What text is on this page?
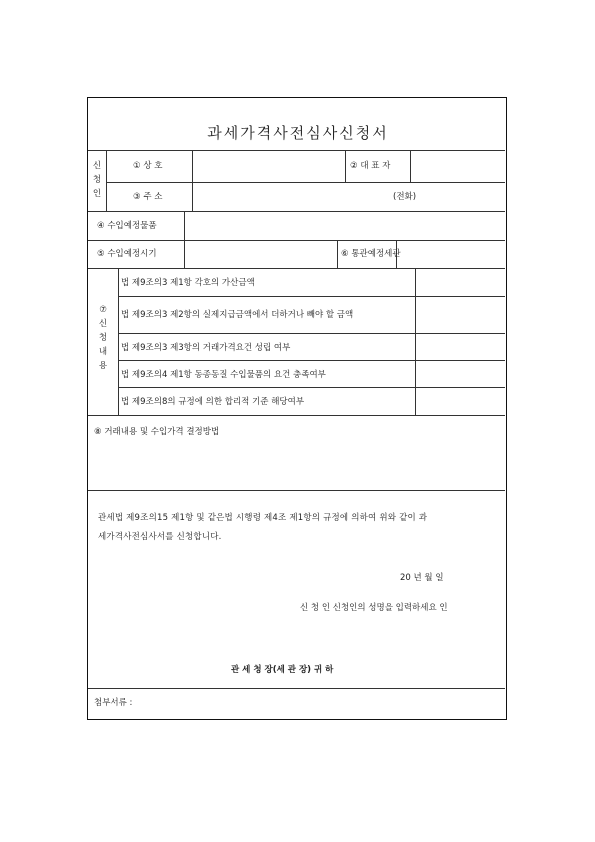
과세가격사전심사신청서
신
청
인
① 상 호	② 대 표 자
③ 주 소	(전화)
④ 수입예정물품
⑤ 수입예정시기	⑥ 통관예정세관
⑦
신
청
내
용
법 제9조의3 제1항 각호의 가산금액
법 제9조의3 제2항의 실제지급금액에서 더하거나 빼야 할 금액
법 제9조의3 제3항의 거래가격요건 성립 여부
법 제9조의4 제1항 동종동질 수입물품의 요건 충족여부
법 제9조의8의 규정에 의한 합리적 기준 해당여부
⑧ 거래내용 및 수입가격 결정방법
관세법 제9조의15 제1항 및 같은법 시행령 제4조 제1항의 규정에 의하여 위와 같이 과
세가격사전심사서를 신청합니다.
20 년 월 일
신 청 인 신청인의 성명을 입력하세요 인
관 세 청 장(세 관 장) 귀 하
첨부서류 :
